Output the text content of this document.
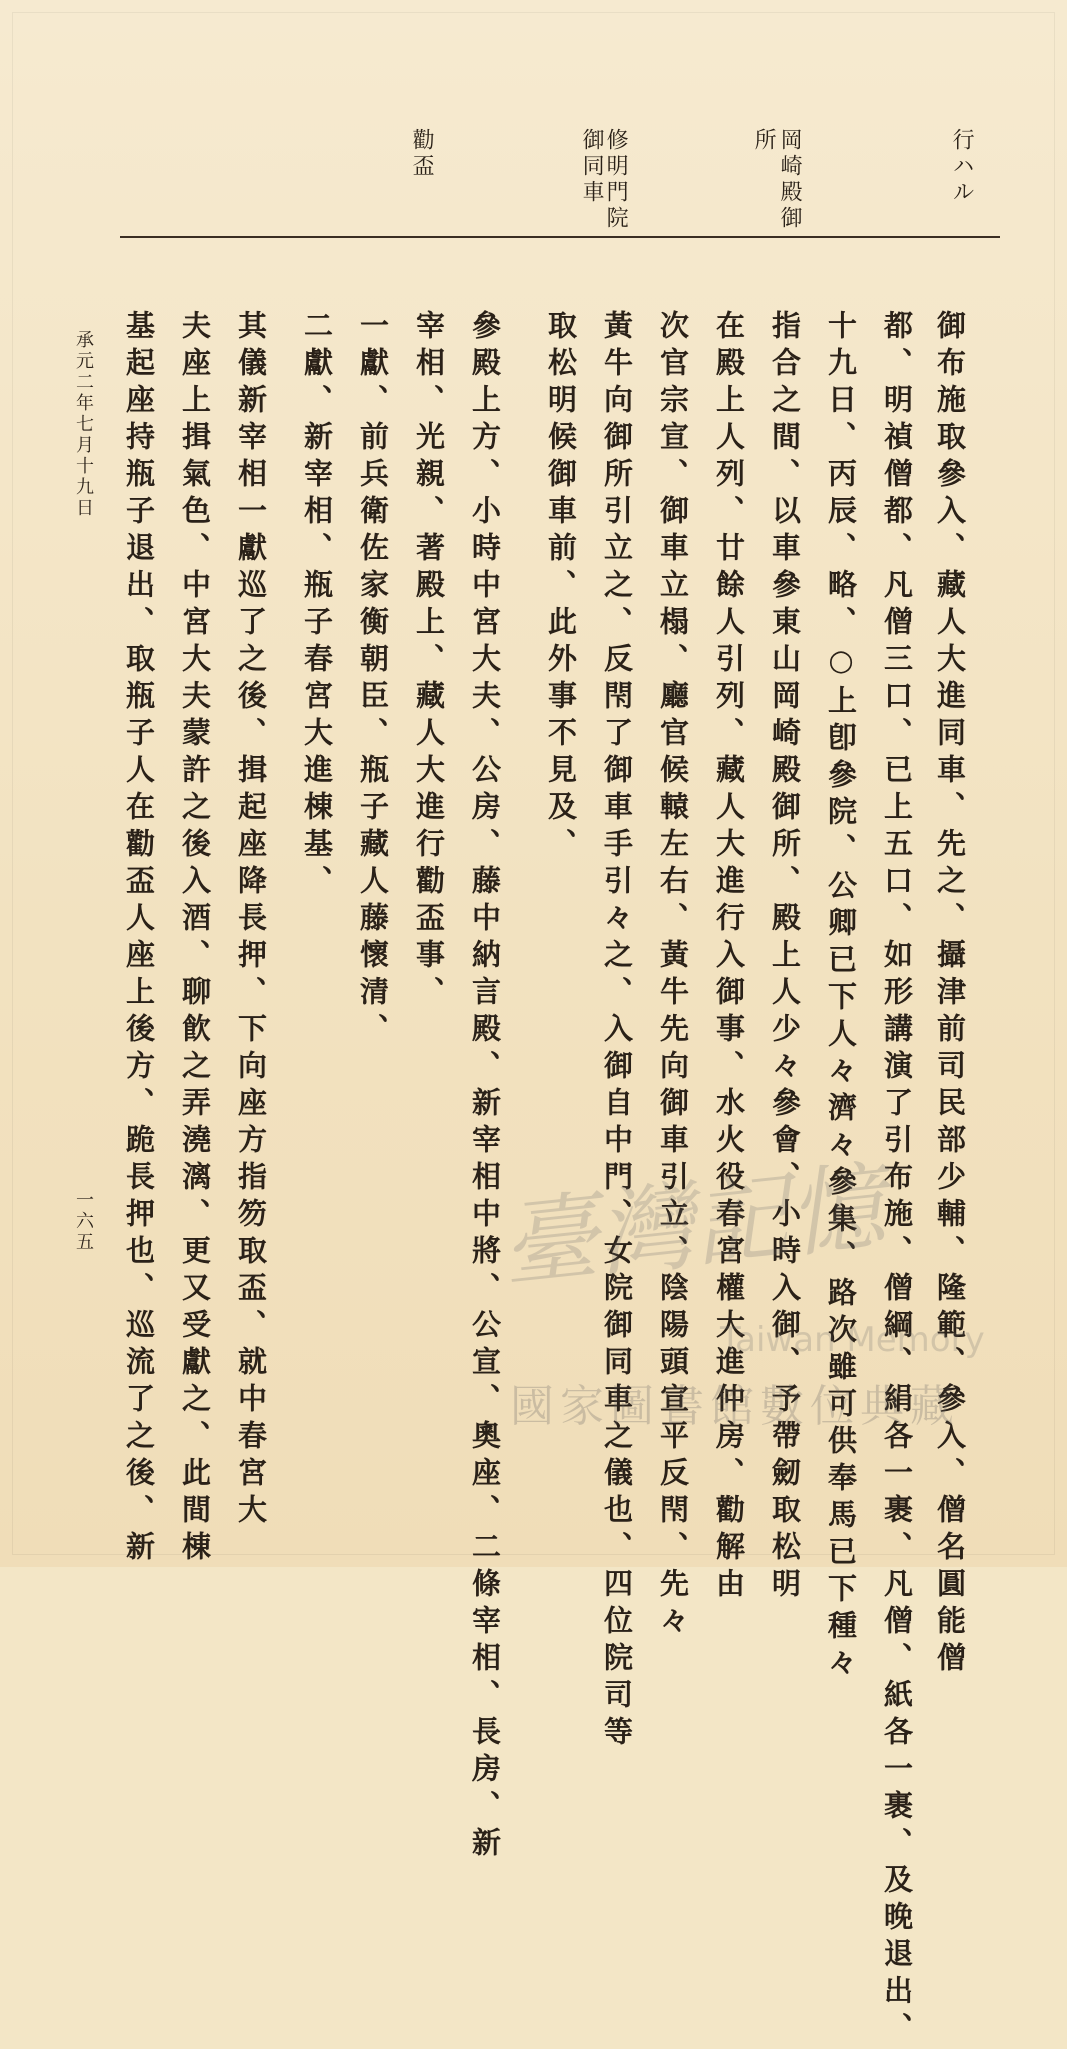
行ハル
岡崎殿御
所
修明門院
御同車
勸盃
御布施取參入、藏人大進同車、先之、攝津前司民部少輔、隆範、參入、僧名圓能僧
都、明禎僧都、凡僧三口、已上五口、如形講演了引布施、僧綱、絹各一裹、凡僧、紙各一裹、及晚退出、
十九日、丙辰、略、○上卽參院、公卿已下人々濟々參集、路次雖可供奉馬已下種々
指合之間、以車參東山岡崎殿御所、殿上人少々參會、小時入御、予帶劒取松明
在殿上人列、廿餘人引列、藏人大進行入御事、水火役春宮權大進仲房、勸解由
次官宗宣、御車立榻、廳官候轅左右、黃牛先向御車引立、陰陽頭宣平反閇、先々
黃牛向御所引立之、反閇了御車手引々之、入御自中門、女院御同車之儀也、四位院司等
取松明候御車前、此外事不見及、
參殿上方、小時中宮大夫、公房、藤中納言殿、新宰相中將、公宣、奧座、二條宰相、長房、新
宰相、光親、著殿上、藏人大進行勸盃事、
一獻、前兵衛佐家衡朝臣、瓶子藏人藤懷清、
二獻、新宰相、瓶子春宮大進棟基、
其儀新宰相一獻巡了之後、揖起座降長押、下向座方指笏取盃、就中春宮大
夫座上揖氣色、中宮大夫蒙許之後入酒、聊飮之弄澆漓、更又受獻之、此間棟
基起座持瓶子退出、取瓶子人在勸盃人座上後方、跪長押也、巡流了之後、新
承元二年七月十九日
一六五	臺灣記憶
Taiwan Memory
國家圖書館數位典藏
